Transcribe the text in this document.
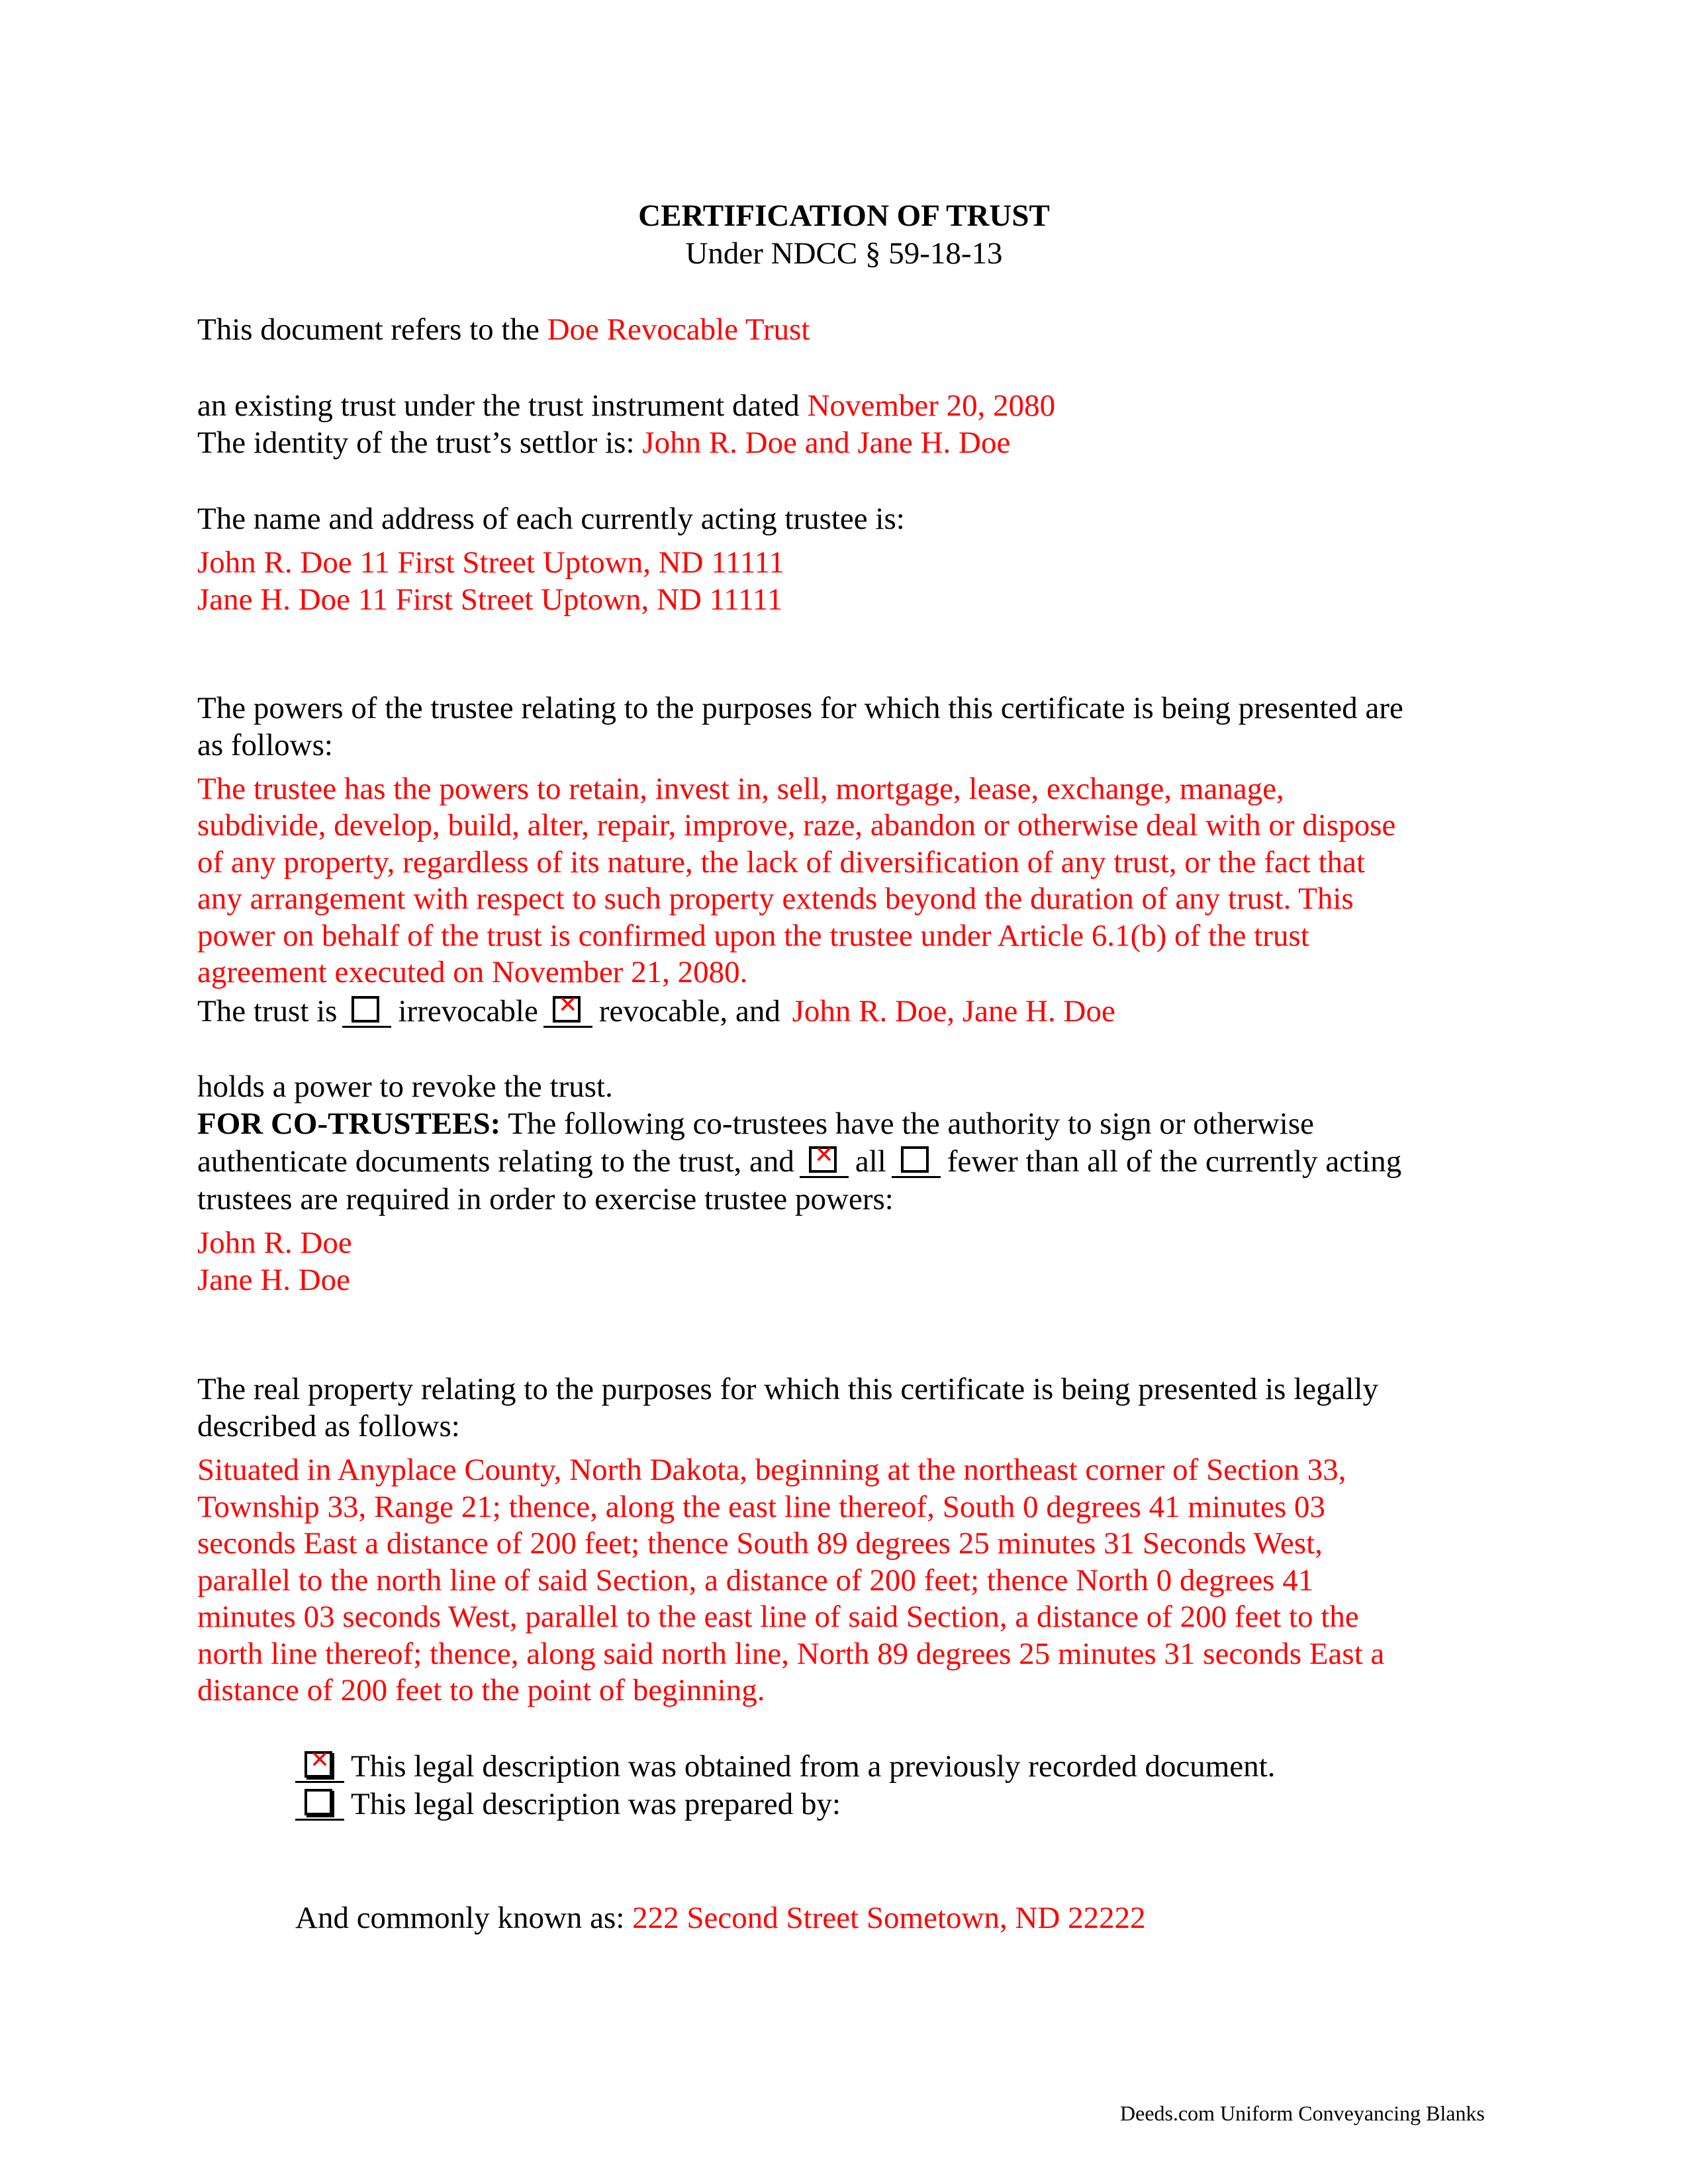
CERTIFICATION OF TRUST
Under NDCC § 59-18-13
This document refers to the Doe Revocable Trust
an existing trust under the trust instrument dated November 20, 2080
The identity of the trust’s settlor is: John R. Doe and Jane H. Doe
The name and address of each currently acting trustee is:
John R. Doe 11 First Street Uptown, ND 11111
Jane H. Doe 11 First Street Uptown, ND 11111
The powers of the trustee relating to the purposes for which this certificate is being presented are
as follows:
The trustee has the powers to retain, invest in, sell, mortgage, lease, exchange, manage,
subdivide, develop, build, alter, repair, improve, raze, abandon or otherwise deal with or dispose
of any property, regardless of its nature, the lack of diversification of any trust, or the fact that
any arrangement with respect to such property extends beyond the duration of any trust. This
power on behalf of the trust is confirmed upon the trustee under Article 6.1(b) of the trust
agreement executed on November 21, 2080.
The trust is irrevocable ✕ revocable, and John R. Doe, Jane H. Doe
holds a power to revoke the trust.
FOR CO-TRUSTEES: The following co-trustees have the authority to sign or otherwise
authenticate documents relating to the trust, and ✕ all fewer than all of the currently acting
trustees are required in order to exercise trustee powers:
John R. Doe
Jane H. Doe
The real property relating to the purposes for which this certificate is being presented is legally
described as follows:
Situated in Anyplace County, North Dakota, beginning at the northeast corner of Section 33,
Township 33, Range 21; thence, along the east line thereof, South 0 degrees 41 minutes 03
seconds East a distance of 200 feet; thence South 89 degrees 25 minutes 31 Seconds West,
parallel to the north line of said Section, a distance of 200 feet; thence North 0 degrees 41
minutes 03 seconds West, parallel to the east line of said Section, a distance of 200 feet to the
north line thereof; thence, along said north line, North 89 degrees 25 minutes 31 seconds East a
distance of 200 feet to the point of beginning.
✕ This legal description was obtained from a previously recorded document.
This legal description was prepared by:
And commonly known as: 222 Second Street Sometown, ND 22222
Deeds.com Uniform Conveyancing Blanks
